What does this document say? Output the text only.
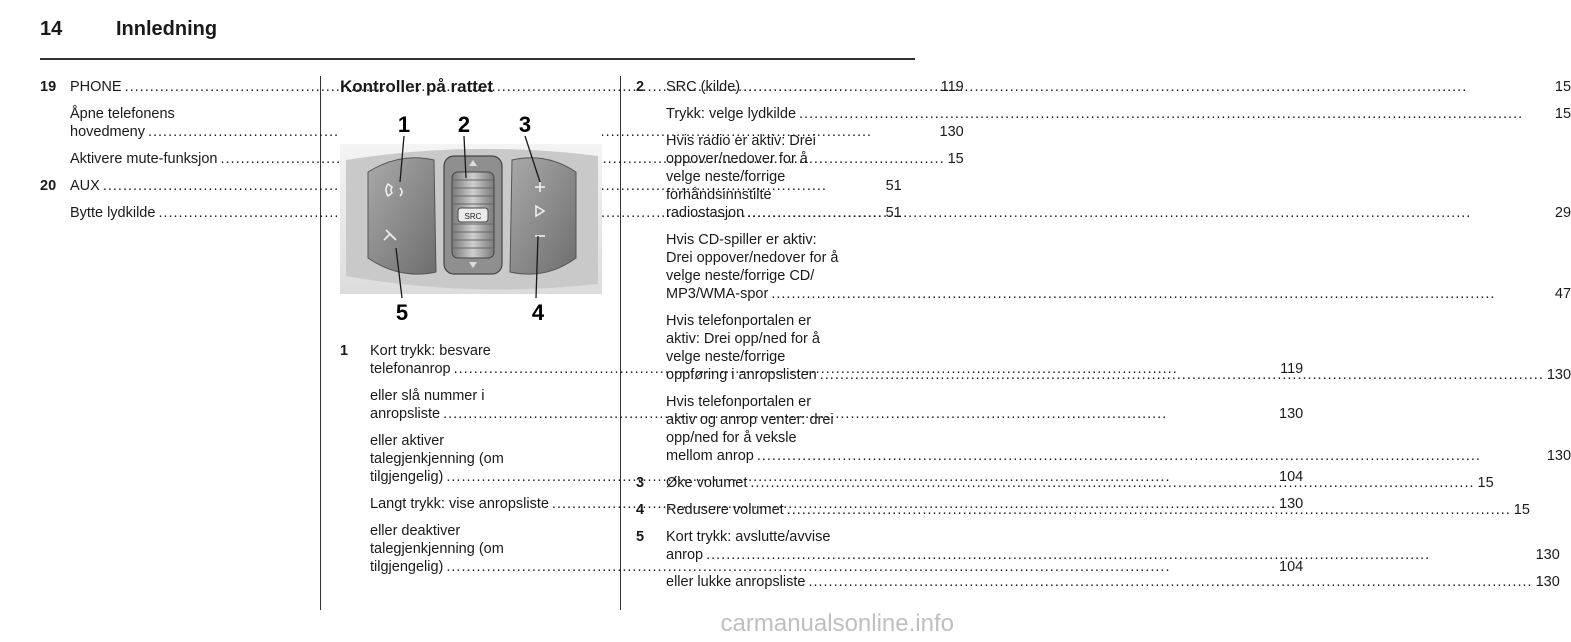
14	Innledning
19 PHONE .....	119
Åpne telefonens
hovedmeny .....	130
Aktivere mute-funksjon .....	15
20 AUX .....	51
Bytte lydkilde .....	51
Kontroller på rattet
SRC
1 2 3
4
5
1	Kort trykk: besvare
telefonanrop .....	119
eller slå nummer i
anropsliste .....	130
eller aktiver
talegjenkjenning (om
tilgjengelig) .....	104
Langt trykk: vise anropsliste .....	130
eller deaktiver
talegjenkjenning (om
tilgjengelig) .....	104
2	SRC (kilde) .....	15
Trykk: velge lydkilde .....	15
Hvis radio er aktiv: Drei
oppover/nedover for å
velge neste/forrige
forhåndsinnstilte
radiostasjon .....	29
Hvis CD-spiller er aktiv:
Drei oppover/nedover for å
velge neste/forrige CD/
MP3/WMA-spor .....	47
Hvis telefonportalen er
aktiv: Drei opp/ned for å
velge neste/forrige
oppføring i anropslisten .....	130
Hvis telefonportalen er
aktiv og anrop venter: drei
opp/ned for å veksle
mellom anrop .....	130
3	Øke volumet .....	15
4	Redusere volumet .....	15
5	Kort trykk: avslutte/avvise
anrop .....	130
eller lukke anropsliste .....	130
carmanualsonline.info
